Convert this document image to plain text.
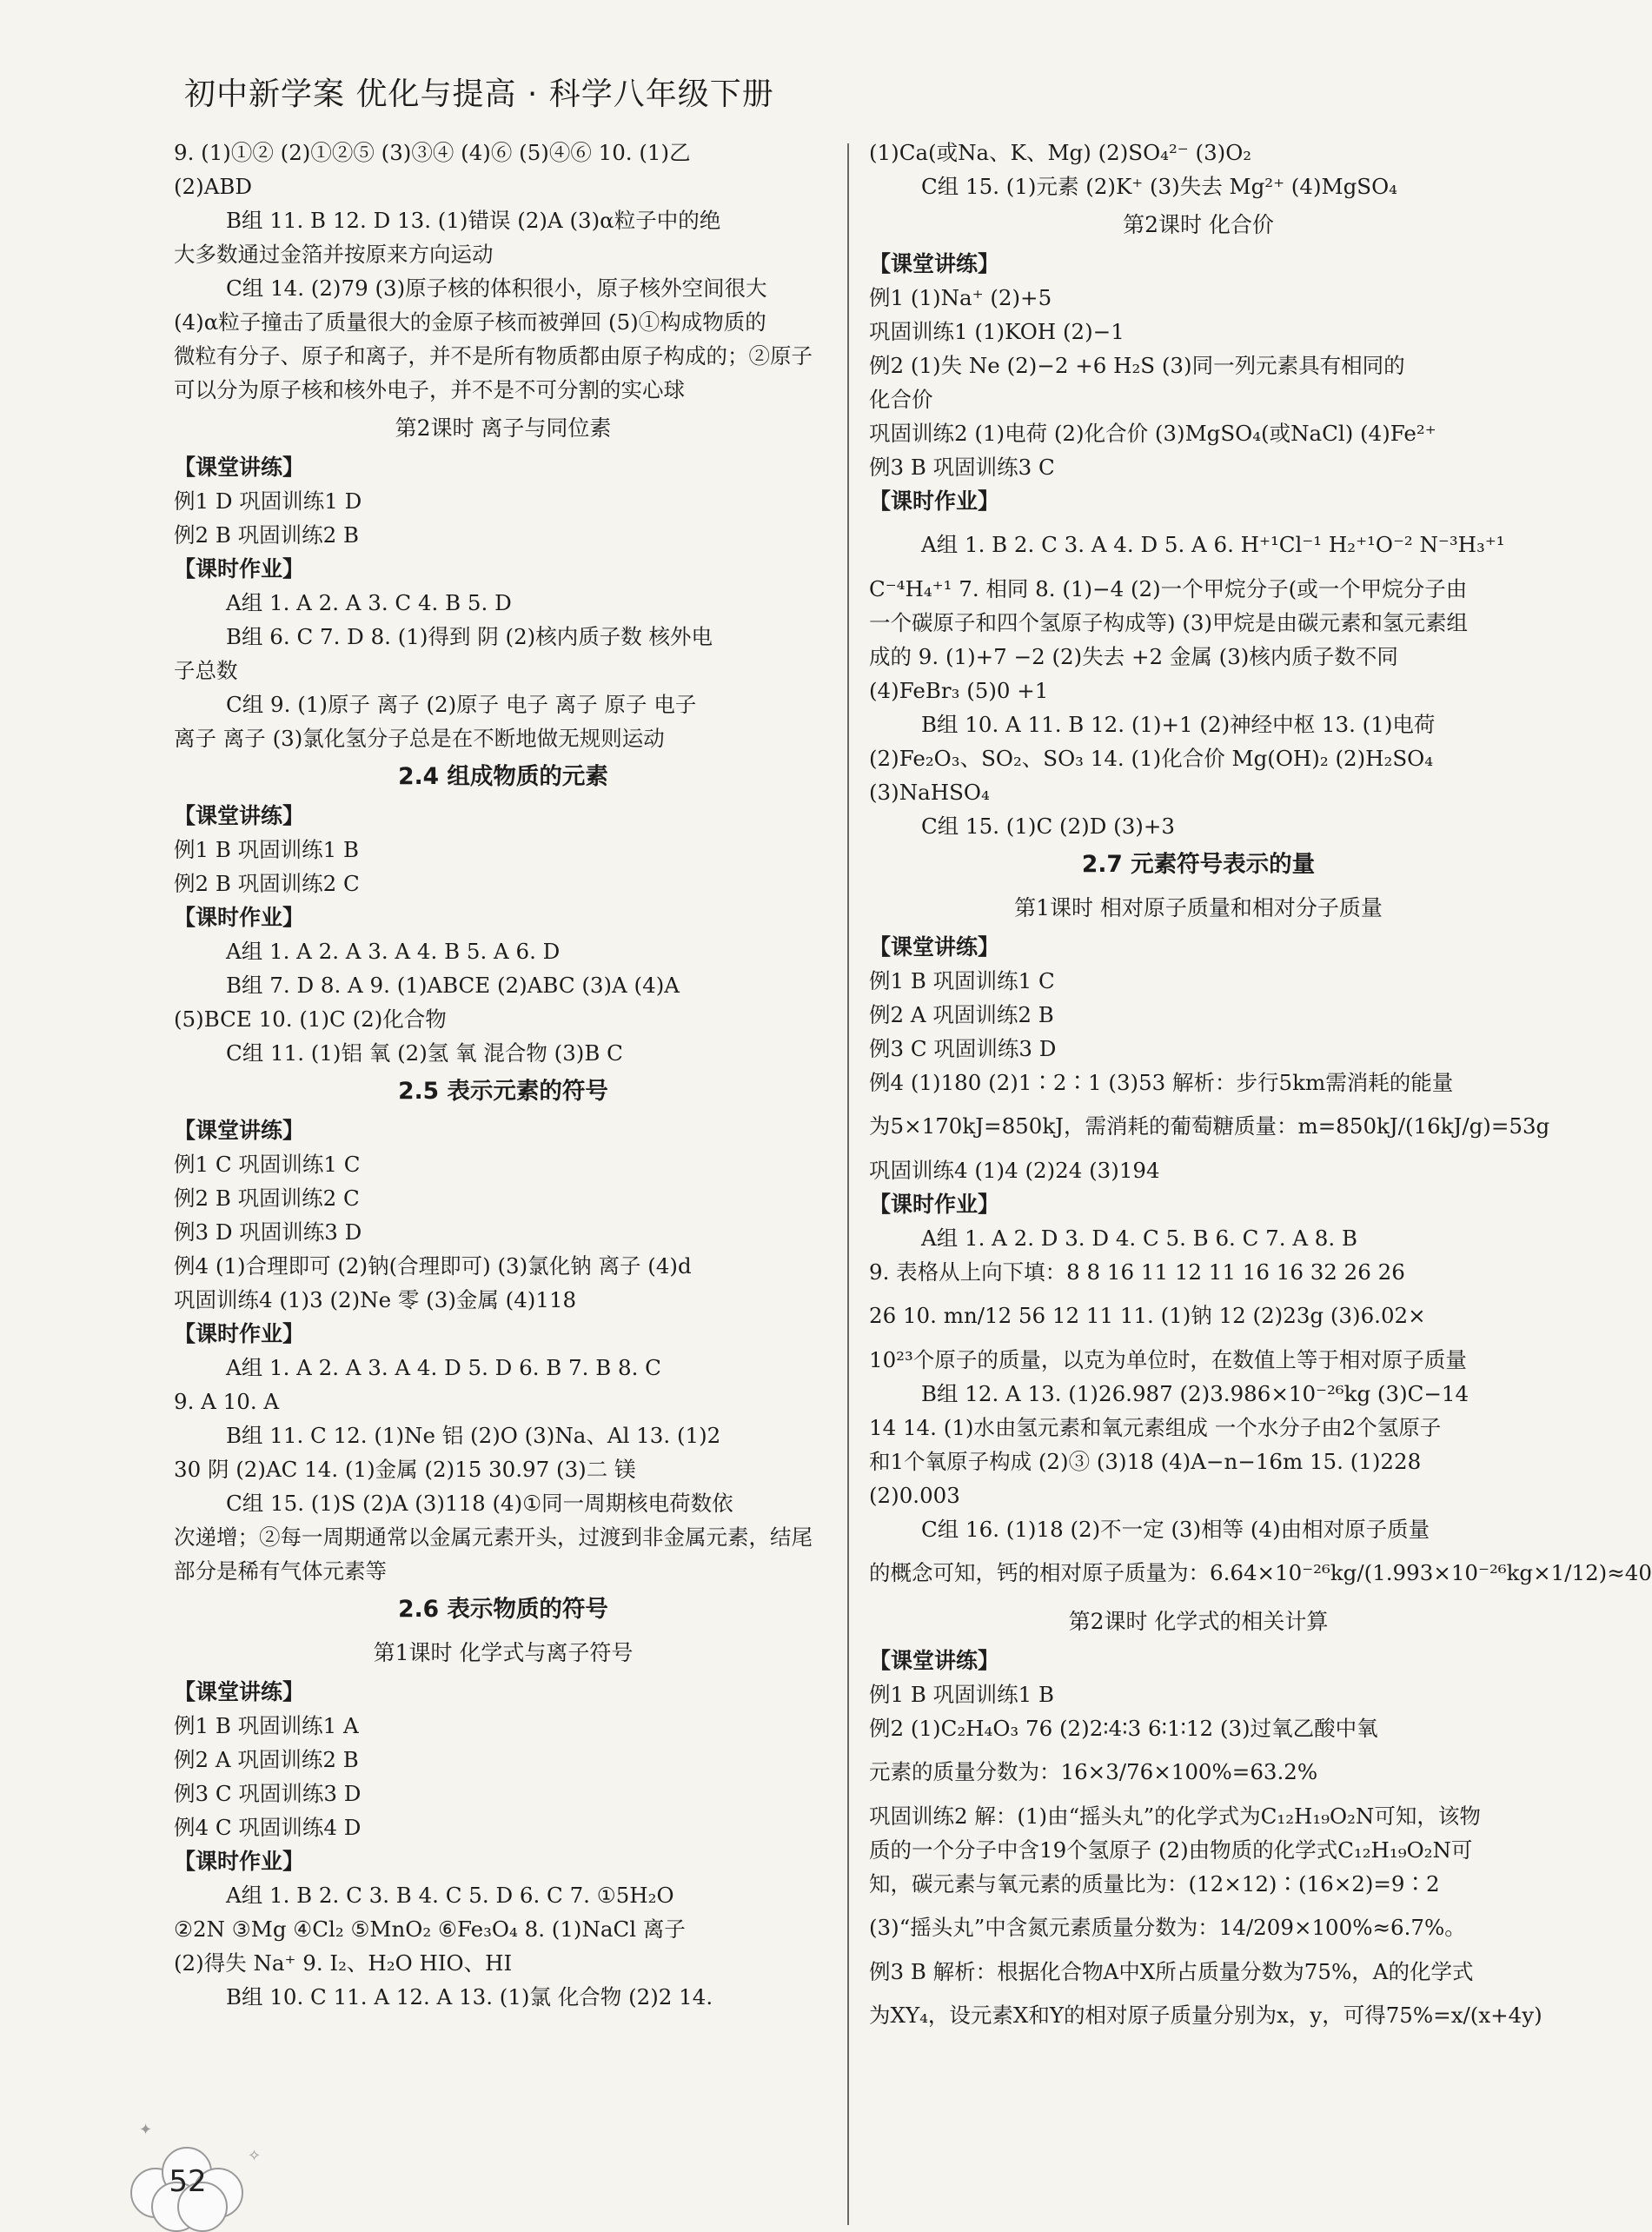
初中新学案 优化与提高 · 科学八年级下册
9. (1)①② (2)①②⑤ (3)③④ (4)⑥ (5)④⑥ 10. (1)乙
(2)ABD
B组 11. B 12. D 13. (1)错误 (2)A (3)α粒子中的绝
大多数通过金箔并按原来方向运动
C组 14. (2)79 (3)原子核的体积很小，原子核外空间很大
(4)α粒子撞击了质量很大的金原子核而被弹回 (5)①构成物质的
微粒有分子、原子和离子，并不是所有物质都由原子构成的；②原子
可以分为原子核和核外电子，并不是不可分割的实心球
第2课时 离子与同位素
【课堂讲练】
例1 D 巩固训练1 D
例2 B 巩固训练2 B
【课时作业】
A组 1. A 2. A 3. C 4. B 5. D
B组 6. C 7. D 8. (1)得到 阴 (2)核内质子数 核外电
子总数
C组 9. (1)原子 离子 (2)原子 电子 离子 原子 电子
离子 离子 (3)氯化氢分子总是在不断地做无规则运动
2.4 组成物质的元素
【课堂讲练】
例1 B 巩固训练1 B
例2 B 巩固训练2 C
【课时作业】
A组 1. A 2. A 3. A 4. B 5. A 6. D
B组 7. D 8. A 9. (1)ABCE (2)ABC (3)A (4)A
(5)BCE 10. (1)C (2)化合物
C组 11. (1)铝 氧 (2)氢 氧 混合物 (3)B C
2.5 表示元素的符号
【课堂讲练】
例1 C 巩固训练1 C
例2 B 巩固训练2 C
例3 D 巩固训练3 D
例4 (1)合理即可 (2)钠(合理即可) (3)氯化钠 离子 (4)d
巩固训练4 (1)3 (2)Ne 零 (3)金属 (4)118
【课时作业】
A组 1. A 2. A 3. A 4. D 5. D 6. B 7. B 8. C
9. A 10. A
B组 11. C 12. (1)Ne 铝 (2)O (3)Na、Al 13. (1)2
30 阴 (2)AC 14. (1)金属 (2)15 30.97 (3)二 镁
C组 15. (1)S (2)A (3)118 (4)①同一周期核电荷数依
次递增；②每一周期通常以金属元素开头，过渡到非金属元素，结尾
部分是稀有气体元素等
2.6 表示物质的符号
第1课时 化学式与离子符号
【课堂讲练】
例1 B 巩固训练1 A
例2 A 巩固训练2 B
例3 C 巩固训练3 D
例4 C 巩固训练4 D
【课时作业】
A组 1. B 2. C 3. B 4. C 5. D 6. C 7. ①5H₂O
②2N ③Mg ④Cl₂ ⑤MnO₂ ⑥Fe₃O₄ 8. (1)NaCl 离子
(2)得失 Na⁺ 9. I₂、H₂O HIO、HI
B组 10. C 11. A 12. A 13. (1)氯 化合物 (2)2 14.
(1)Ca(或Na、K、Mg) (2)SO₄²⁻ (3)O₂
C组 15. (1)元素 (2)K⁺ (3)失去 Mg²⁺ (4)MgSO₄
第2课时 化合价
【课堂讲练】
例1 (1)Na⁺ (2)+5
巩固训练1 (1)KOH (2)−1
例2 (1)失 Ne (2)−2 +6 H₂S (3)同一列元素具有相同的
化合价
巩固训练2 (1)电荷 (2)化合价 (3)MgSO₄(或NaCl) (4)Fe²⁺
例3 B 巩固训练3 C
【课时作业】
A组 1. B 2. C 3. A 4. D 5. A 6. H⁺¹Cl⁻¹ H₂⁺¹O⁻² N⁻³H₃⁺¹
C⁻⁴H₄⁺¹ 7. 相同 8. (1)−4 (2)一个甲烷分子(或一个甲烷分子由
一个碳原子和四个氢原子构成等) (3)甲烷是由碳元素和氢元素组
成的 9. (1)+7 −2 (2)失去 +2 金属 (3)核内质子数不同
(4)FeBr₃ (5)0 +1
B组 10. A 11. B 12. (1)+1 (2)神经中枢 13. (1)电荷
(2)Fe₂O₃、SO₂、SO₃ 14. (1)化合价 Mg(OH)₂ (2)H₂SO₄
(3)NaHSO₄
C组 15. (1)C (2)D (3)+3
2.7 元素符号表示的量
第1课时 相对原子质量和相对分子质量
【课堂讲练】
例1 B 巩固训练1 C
例2 A 巩固训练2 B
例3 C 巩固训练3 D
例4 (1)180 (2)1∶2∶1 (3)53 解析：步行5km需消耗的能量
为5×170kJ=850kJ，需消耗的葡萄糖质量：m=850kJ/(16kJ/g)=53g
巩固训练4 (1)4 (2)24 (3)194
【课时作业】
A组 1. A 2. D 3. D 4. C 5. B 6. C 7. A 8. B
9. 表格从上向下填：8 8 16 11 12 11 16 16 32 26 26
26 10. mn/12 56 12 11 11. (1)钠 12 (2)23g (3)6.02×
10²³个原子的质量，以克为单位时，在数值上等于相对原子质量
B组 12. A 13. (1)26.987 (2)3.986×10⁻²⁶kg (3)C−14
14 14. (1)水由氢元素和氧元素组成 一个水分子由2个氢原子
和1个氧原子构成 (2)③ (3)18 (4)A−n−16m 15. (1)228
(2)0.003
C组 16. (1)18 (2)不一定 (3)相等 (4)由相对原子质量
的概念可知，钙的相对原子质量为：6.64×10⁻²⁶kg/(1.993×10⁻²⁶kg×1/12)≈40
第2课时 化学式的相关计算
【课堂讲练】
例1 B 巩固训练1 B
例2 (1)C₂H₄O₃ 76 (2)2∶4∶3 6∶1∶12 (3)过氧乙酸中氧
元素的质量分数为：16×3/76×100%=63.2%
巩固训练2 解：(1)由“摇头丸”的化学式为C₁₂H₁₉O₂N可知，该物
质的一个分子中含19个氢原子 (2)由物质的化学式C₁₂H₁₉O₂N可
知，碳元素与氧元素的质量比为：(12×12)∶(16×2)=9∶2
(3)“摇头丸”中含氮元素质量分数为：14/209×100%≈6.7%。
例3 B 解析：根据化合物A中X所占质量分数为75%，A的化学式
为XY₄，设元素X和Y的相对原子质量分别为x，y，可得75%=x/(x+4y)
52
✦
✧
